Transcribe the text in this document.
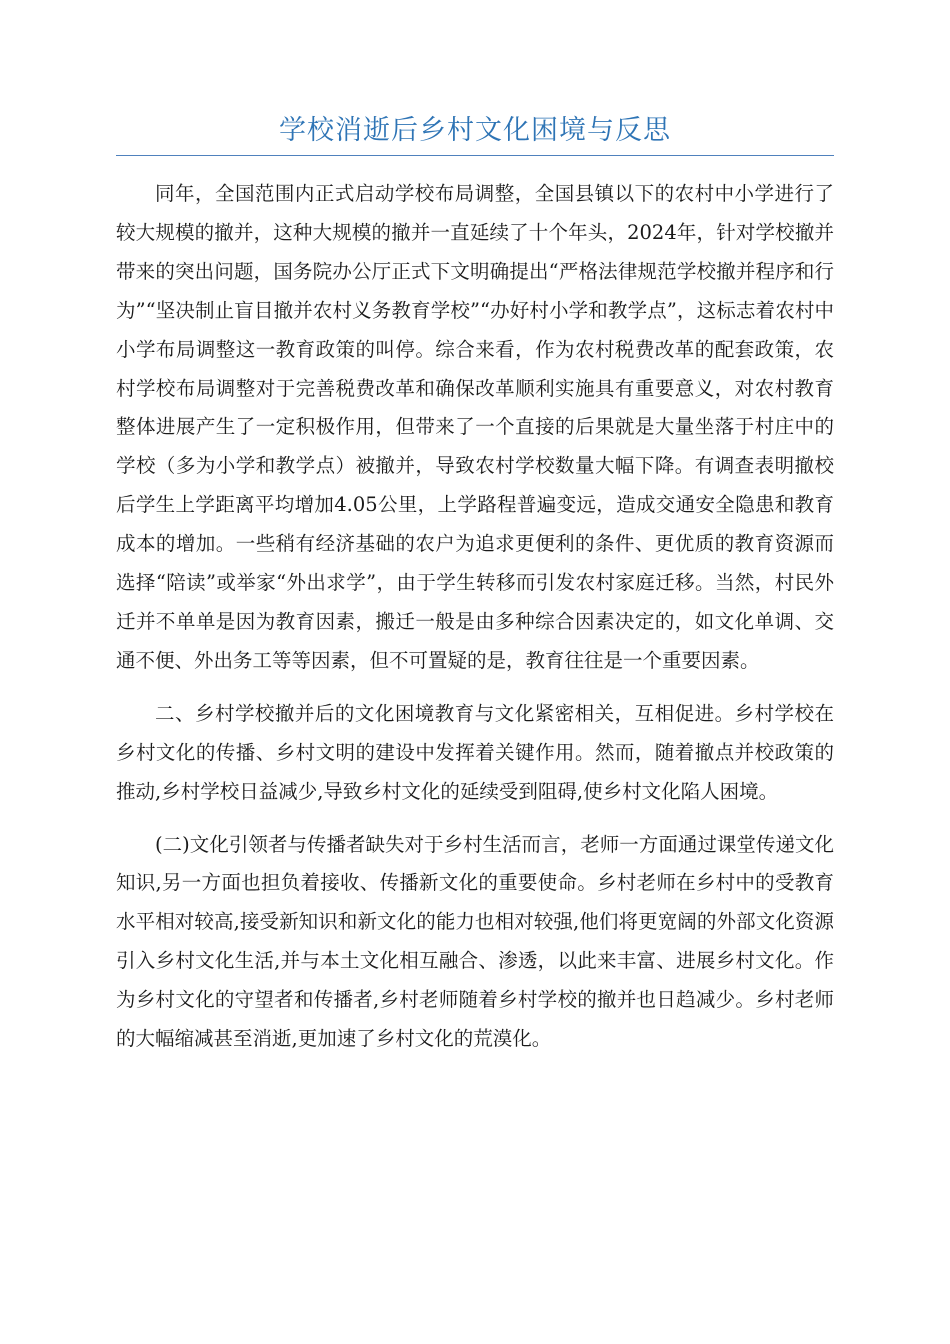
学校消逝后乡村文化困境与反思

同年，全国范围内正式启动学校布局调整，全国县镇以下的农村中小学进行了较大规模的撤并，这种大规模的撤并一直延续了十个年头，2024年，针对学校撤并带来的突出问题，国务院办公厅正式下文明确提出“严格法律规范学校撤并程序和行为”“坚决制止盲目撤并农村义务教育学校”“办好村小学和教学点”，这标志着农村中小学布局调整这一教育政策的叫停。综合来看，作为农村税费改革的配套政策，农村学校布局调整对于完善税费改革和确保改革顺利实施具有重要意义，对农村教育整体进展产生了一定积极作用，但带来了一个直接的后果就是大量坐落于村庄中的学校（多为小学和教学点）被撤并，导致农村学校数量大幅下降。有调查表明撤校后学生上学距离平均增加4.05公里，上学路程普遍变远，造成交通安全隐患和教育成本的增加。一些稍有经济基础的农户为追求更便利的条件、更优质的教育资源而选择“陪读”或举家“外出求学”，由于学生转移而引发农村家庭迁移。当然，村民外迁并不单单是因为教育因素，搬迁一般是由多种综合因素决定的，如文化单调、交通不便、外出务工等等因素，但不可置疑的是，教育往往是一个重要因素。

二、乡村学校撤并后的文化困境教育与文化紧密相关，互相促进。乡村学校在乡村文化的传播、乡村文明的建设中发挥着关键作用。然而，随着撤点并校政策的推动,乡村学校日益减少,导致乡村文化的延续受到阻碍,使乡村文化陷人困境。

(二)文化引领者与传播者缺失对于乡村生活而言，老师一方面通过课堂传递文化知识,另一方面也担负着接收、传播新文化的重要使命。乡村老师在乡村中的受教育水平相对较高,接受新知识和新文化的能力也相对较强,他们将更宽阔的外部文化资源引入乡村文化生活,并与本土文化相互融合、渗透，以此来丰富、进展乡村文化。作为乡村文化的守望者和传播者,乡村老师随着乡村学校的撤并也日趋减少。乡村老师的大幅缩减甚至消逝,更加速了乡村文化的荒漠化。
